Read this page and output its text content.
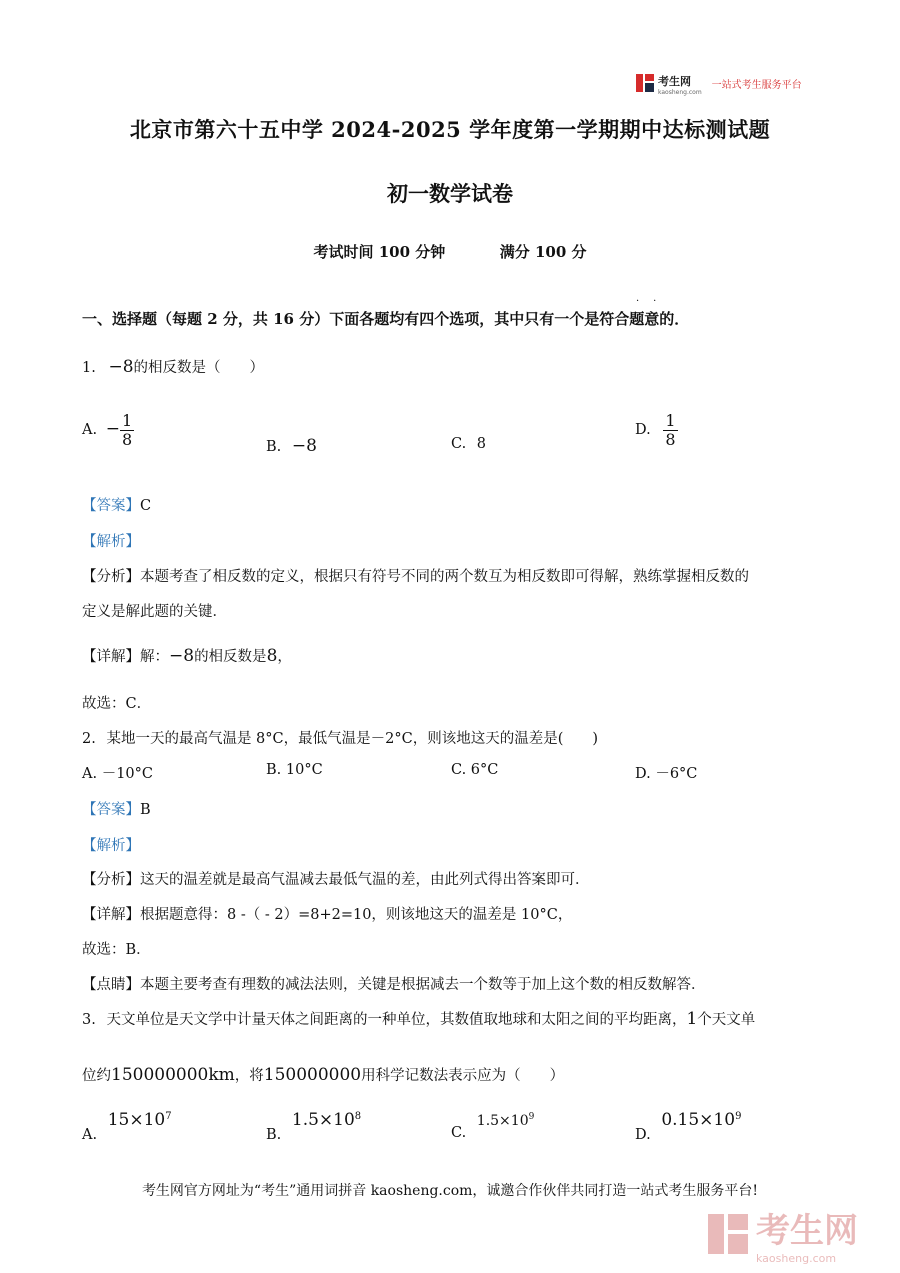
考生网
kaosheng.com
一站式考生服务平台
北京市第六十五中学 2024-2025 学年度第一学期期中达标测试题
初一数学试卷
考试时间 100 分钟	满分 100 分
··
一、选择题（每题 2 分，共 16 分）下面各题均有四个选项，其中只有一个是符合题意的．
1. −8的相反数是（　　）
A. − $\frac{1}{8}$	B. −8	C. 8
D. $\frac{1}{8}$
【答案】C
【解析】
【分析】本题考查了相反数的定义，根据只有符号不同的两个数互为相反数即可得解，熟练掌握相反数的
定义是解此题的关键．
【详解】解：−8的相反数是8，
故选：C．
2. 某地一天的最高气温是 8°C，最低气温是－2°C，则该地这天的温差是(　　)
A. －10°C	B. 10°C	C. 6°C	D. －6°C
【答案】B
【解析】
【分析】这天的温差就是最高气温减去最低气温的差，由此列式得出答案即可．
【详解】根据题意得：8 -（ - 2）=8+2=10，则该地这天的温差是 10°C，
故选：B．
【点睛】本题主要考查有理数的减法法则，关键是根据减去一个数等于加上这个数的相反数解答．
3. 天文单位是天文学中计量天体之间距离的一种单位，其数值取地球和太阳之间的平均距离，1个天文单
位约150000000km，将150000000用科学记数法表示应为（　　）
A. $15\times 10^7$
B. $1.5\times 10^8$
C. $1.5\times 10^9$
D. $0.15\times 10^9$
考生网官方网址为“考生”通用词拼音 kaosheng.com，诚邀合作伙伴共同打造一站式考生服务平台!
考生网
kaosheng.com
